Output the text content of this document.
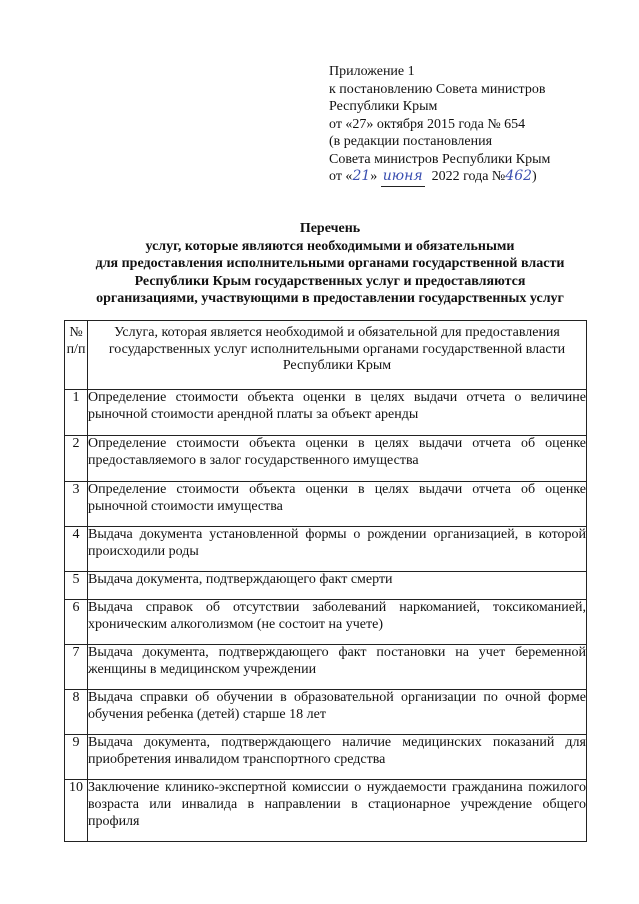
Приложение 1
к постановлению Совета министров
Республики Крым
от «27» октября 2015 года № 654
(в редакции постановления
Совета министров Республики Крым
от «21» июня 2022 года №462)
Перечень
услуг, которые являются необходимыми и обязательными
для предоставления исполнительными органами государственной власти
Республики Крым государственных услуг и предоставляются
организациями, участвующими в предоставлении государственных услуг
№ п/п	Услуга, которая является необходимой и обязательной для предоставления государственных услуг исполнительными органами государственной власти Республики Крым
1	Определение стоимости объекта оценки в целях выдачи отчета о величине рыночной стоимости арендной платы за объект аренды
2	Определение стоимости объекта оценки в целях выдачи отчета об оценке предоставляемого в залог государственного имущества
3	Определение стоимости объекта оценки в целях выдачи отчета об оценке рыночной стоимости имущества
4	Выдача документа установленной формы о рождении организацией, в которой происходили роды
5	Выдача документа, подтверждающего факт смерти
6	Выдача справок об отсутствии заболеваний наркоманией, токсикоманией, хроническим алкоголизмом (не состоит на учете)
7	Выдача документа, подтверждающего факт постановки на учет беременной женщины в медицинском учреждении
8	Выдача справки об обучении в образовательной организации по очной форме обучения ребенка (детей) старше 18 лет
9	Выдача документа, подтверждающего наличие медицинских показаний для приобретения инвалидом транспортного средства
10	Заключение клинико-экспертной комиссии о нуждаемости гражданина пожилого возраста или инвалида в направлении в стационарное учреждение общего профиля
